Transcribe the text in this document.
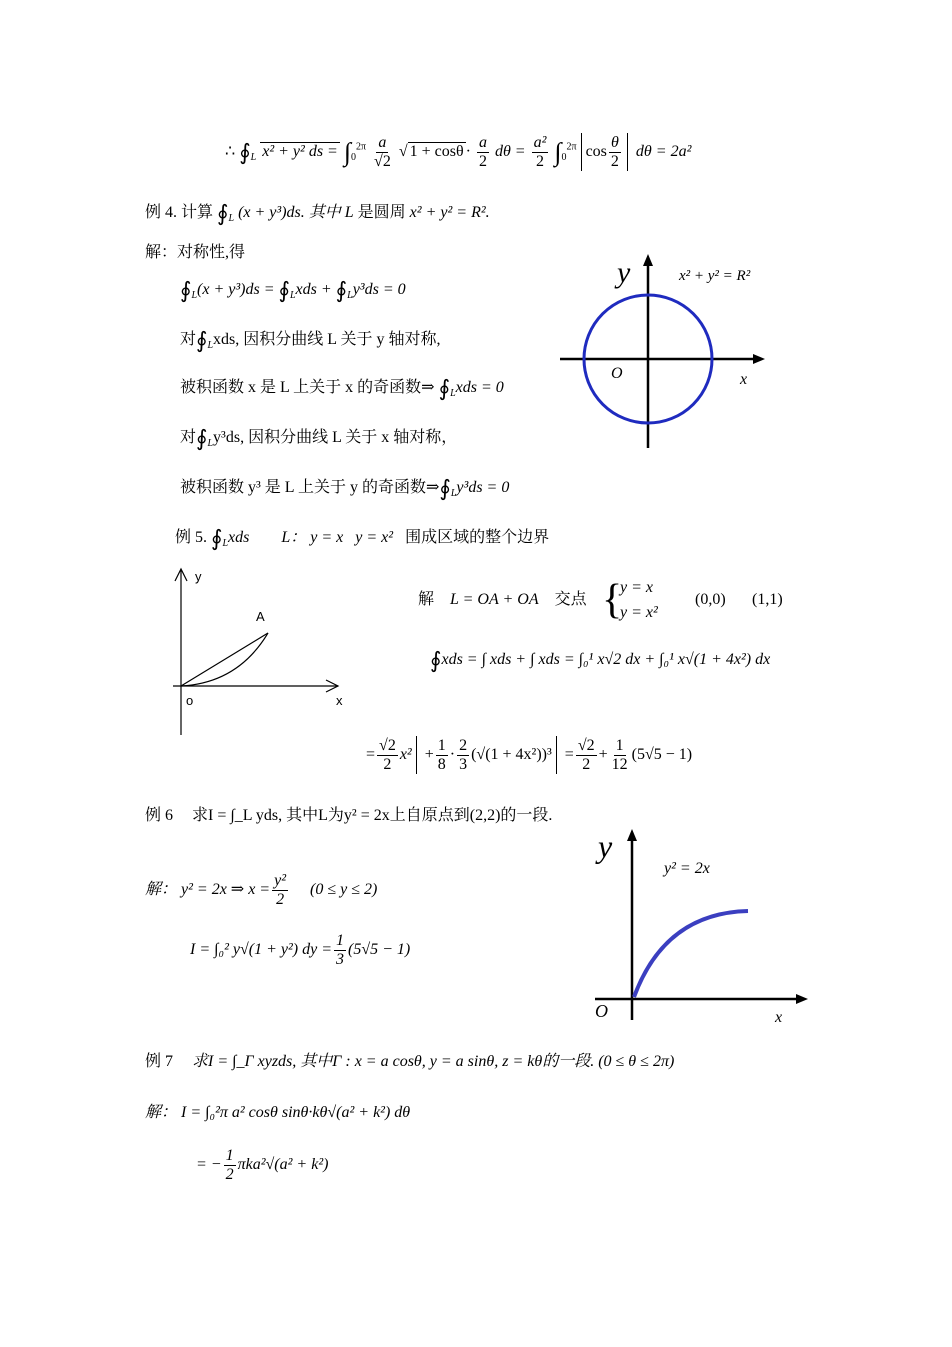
∴ $∮_L$ x² + y² ds = $\int_0^{2\pi} \frac{a}{√2}$ √ $1 + \cos\theta \cdot \frac{a}{2}$ $d\theta = \frac{\text{a²}}{2} \int_0^{2\pi}$ $\cos \frac{\theta}{2}$ dθ = 2a²
例 4. 计算 $∮_L$ (x + y³)ds. 其中 L 是圆周 x² + y² = R².
解：对称性,得
$∮_L(x + y^3)ds$ = $∮_Lxds$ + $∮_Ly^3ds = 0$
对$∮_Lxds$, 因积分曲线 L 关于 y 轴对称,
被积函数 x 是 L 上关于 x 的奇函数⇒ $∮_Lxds = 0$
对$∮_Ly^3ds$, 因积分曲线 L 关于 x 轴对称，
被积函数 y³ 是 L 上关于 y 的奇函数$\Rightarrow∮_Ly^3ds = 0$
y
x
O
x² + y² = R²
例 5. $∮_Lxds$ L： y = x y = x² 围成区域的整个边界
y
x
o
A
解 L = OA + OA 交点 {
y = x
y = x²
(0,0) (1,1)
∮xds = ∫ xds + ∫ xds = ∫₀¹ x√2 dx + ∫₀¹ x√(1 + 4x²) dx
= $\frac{√2}{2} x^2 + \frac{1}{8} \cdot \frac{2}{3} (√(1 + 4x^2))^3 = \frac{√2}{2} + \frac{1}{12} (5√5 - 1)$
求I = ∫_L yds, 其中L为y² = 2x上自原点到(2,2)的一段.
例 6
解： y² = 2x ⇒ $x = \frac{\text{y²}}{2} (0 \le y \le 2)$
I = ∫₀² y√(1 + y²) dy = $\frac{1}{3} (5√5 - 1)$
y
x
O
y² = 2x
例 7 求I = ∫_Γ xyzds, 其中Γ : x = a cosθ, y = a sinθ, z = kθ的一段. (0 ≤ θ ≤ 2π)
解： I = ∫₀²π a² cosθ sinθ·kθ√(a² + k²) dθ
= − $\frac{1}{2} \pi ka^2√(a^2 + k^2)$
